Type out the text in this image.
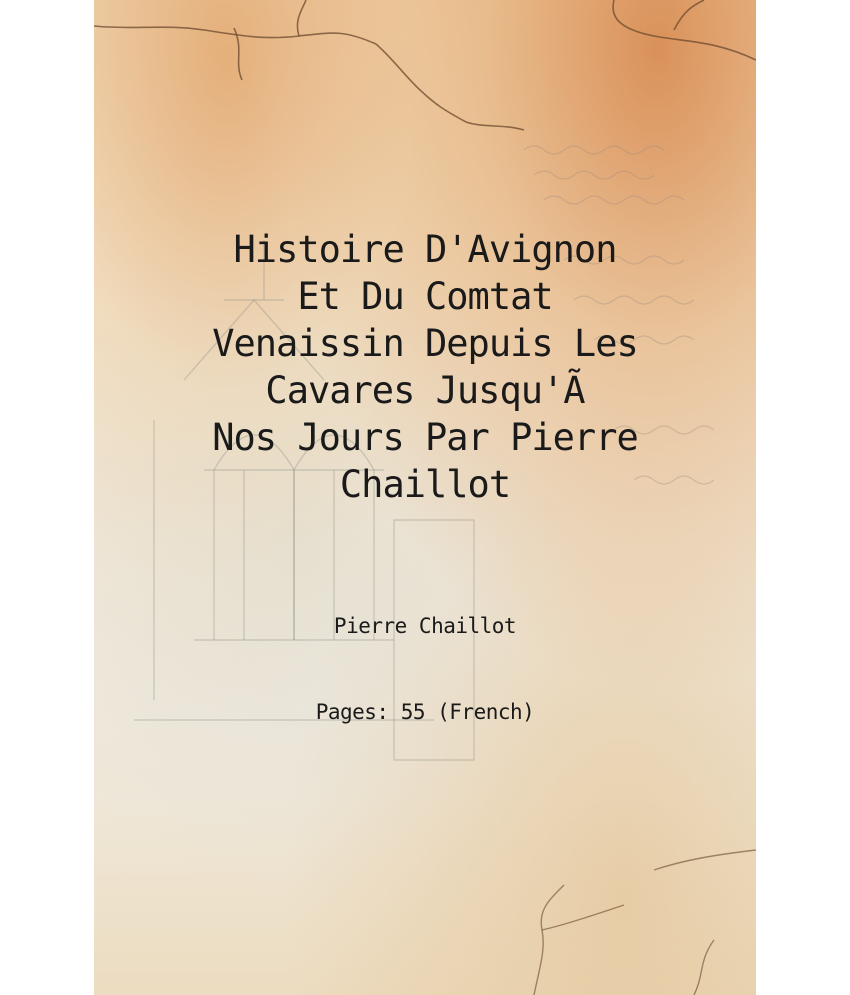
Histoire D'Avignon
Et Du Comtat
Venaissin Depuis Les
Cavares Jusqu'Ã
Nos Jours Par Pierre
Chaillot
Pierre Chaillot
Pages: 55 (French)
